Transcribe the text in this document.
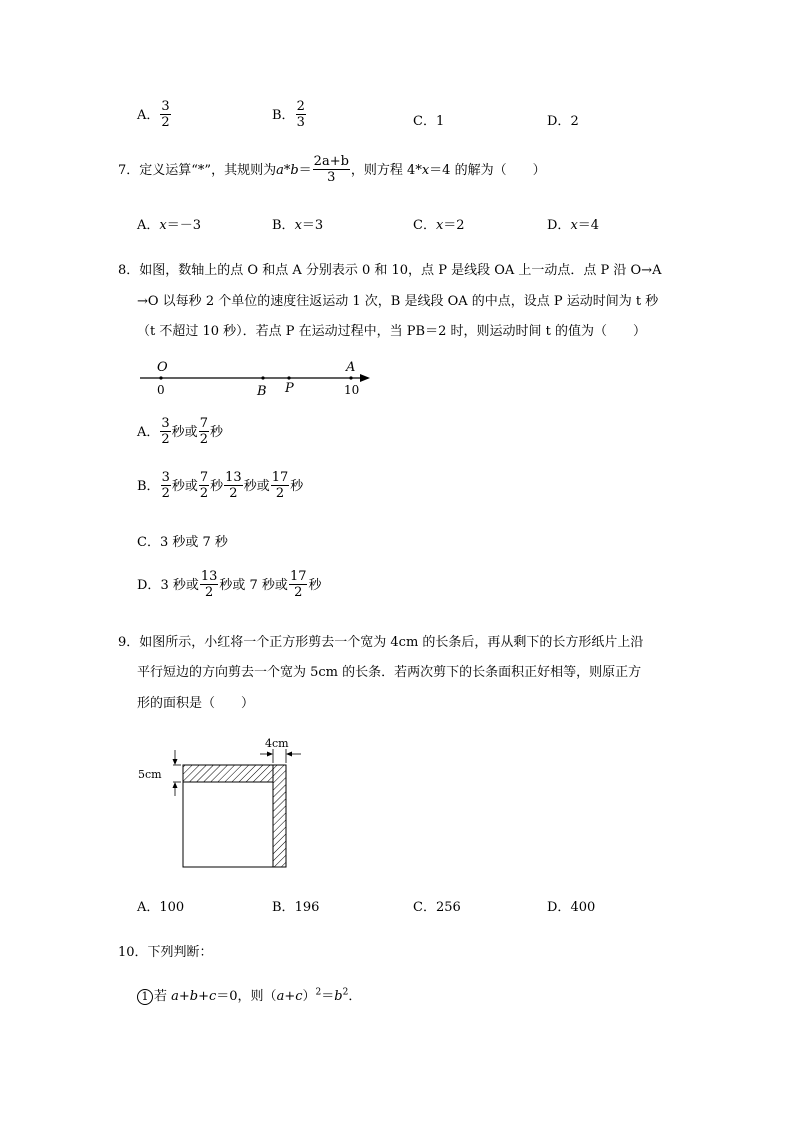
A． $\frac{3}{2}$	B． $\frac{2}{3}$	C．1	D．2
7．定义运算“*”，其规则为$a*b= \frac{2a+b}{3}$ ，则方程 4*x＝4 的解为（　　）
A．x＝－3	B．x＝3	C．x＝2	D．x＝4
8．如图，数轴上的点 O 和点 A 分别表示 0 和 10，点 P 是线段 OA 上一动点．点 P 沿 O→A
→O 以每秒 2 个单位的速度往返运动 1 次，B 是线段 OA 的中点，设点 P 运动时间为 t 秒
（t 不超过 10 秒）．若点 P 在运动过程中，当 PB＝2 时，则运动时间 t 的值为（　　）
O
0
A
10
B P
A． $\frac{3}{2}$ 秒或 $\frac{7}{2}$ 秒
B． $\frac{3}{2}$ 秒或 $\frac{7}{2}$ 秒 $\frac{13}{2}$ 秒或 $\frac{17}{2}$ 秒
C．3 秒或 7 秒
D．3 秒或 $\frac{13}{2}$ 秒或 7 秒或 $\frac{17}{2}$ 秒
9．如图所示，小红将一个正方形剪去一个宽为 4cm 的长条后，再从剩下的长方形纸片上沿
平行短边的方向剪去一个宽为 5cm 的长条．若两次剪下的长条面积正好相等，则原正方
形的面积是（　　）
4cm
5cm
A．100	B．196	C．256	D．400
10．下列判断：
1 若 a+b+c＝0，则$(a+c)^2=b^2$．
